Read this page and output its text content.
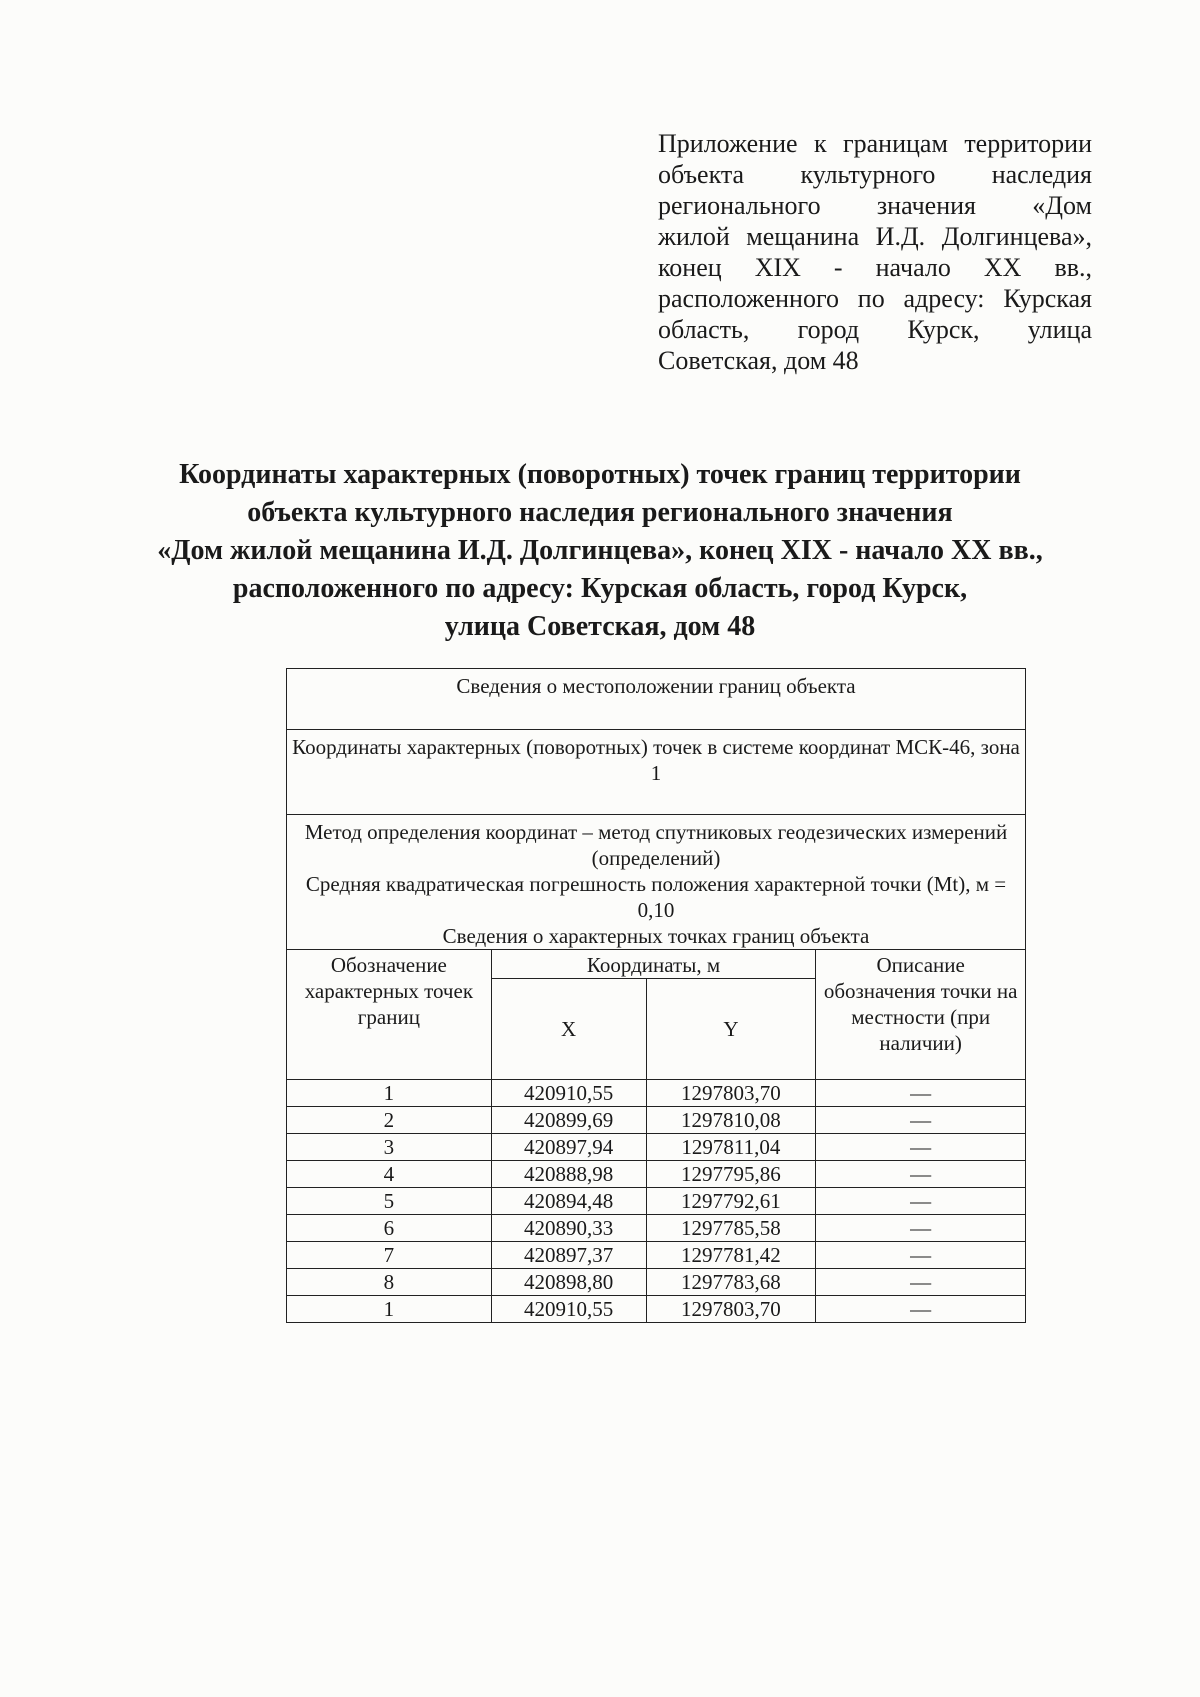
Приложение к границам территории
объекта культурного наследия
регионального значения «Дом
жилой мещанина И.Д. Долгинцева»,
конец XIX - начало XX вв.,
расположенного по адресу: Курская
область, город Курск, улица
Советская, дом 48
Координаты характерных (поворотных) точек границ территории
объекта культурного наследия регионального значения
«Дом жилой мещанина И.Д. Долгинцева», конец XIX - начало XX вв.,
расположенного по адресу: Курская область, город Курск,
улица Советская, дом 48
Сведения о местоположении границ объекта			
Координаты характерных (поворотных) точек в системе координат МСК-46, зона 1			

Метод определения координат – метод спутниковых геодезических измерений (определений)
Средняя квадратическая погрешность положения характерной точки (Mt), м = 0,10			

Сведения о характерных точках границ объекта			
Обозначение характерных точек границ	Координаты, м		Описание обозначения точки на местности (при наличии)
	X	Y	
1	420910,55	1297803,70	—
2	420899,69	1297810,08	—
3	420897,94	1297811,04	—
4	420888,98	1297795,86	—
5	420894,48	1297792,61	—
6	420890,33	1297785,58	—
7	420897,37	1297781,42	—
8	420898,80	1297783,68	—
1	420910,55	1297803,70	—
